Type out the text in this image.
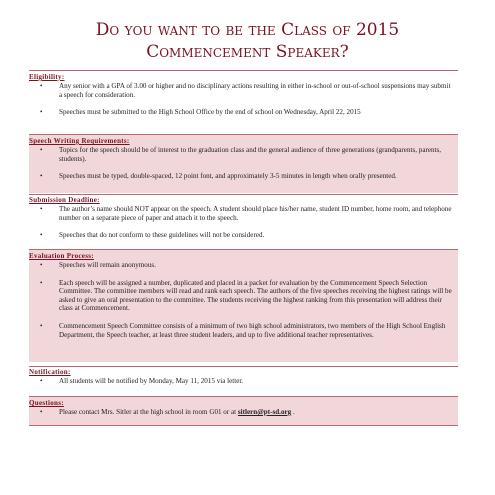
Do you want to be the Class of 2015
Commencement Speaker?
Eligibility:
• Any senior with a GPA of 3.00 or higher and no disciplinary actions resulting in either in-school or out-of-school suspensions may submit a speech for consideration.
• Speeches must be submitted to the High School Office by the end of school on Wednesday, April 22, 2015
Speech Writing Requirements:
• Topics for the speech should be of interest to the graduation class and the general audience of three generations (grandparents, parents, students).
• Speeches must be typed, double-spaced, 12 point font, and approximately 3-5 minutes in length when orally presented.
Submission Deadline:
• The author’s name should NOT appear on the speech. A student should place his/her name, student ID number, home room, and telephone number on a separate piece of paper and attach it to the speech.
• Speeches that do not conform to these guidelines will not be considered.
Evaluation Process:
• Speeches will remain anonymous.
• Each speech will be assigned a number, duplicated and placed in a packet for evaluation by the Commencement Speech Selection Committee. The committee members will read and rank each speech. The authors of the five speeches receiving the highest ratings will be asked to give an oral presentation to the committee. The students receiving the highest ranking from this presentation will address their class at Commencement.
• Commencement Speech Committee consists of a minimum of two high school administrators, two members of the High School English Department, the Speech teacher, at least three student leaders, and up to five additional teacher representatives.
Notification:
• All students will be notified by Monday, May 11, 2015 via letter.
Questions:
• Please contact Mrs. Sitler at the high school in room G01 or at sitlern@pt-sd.org .
